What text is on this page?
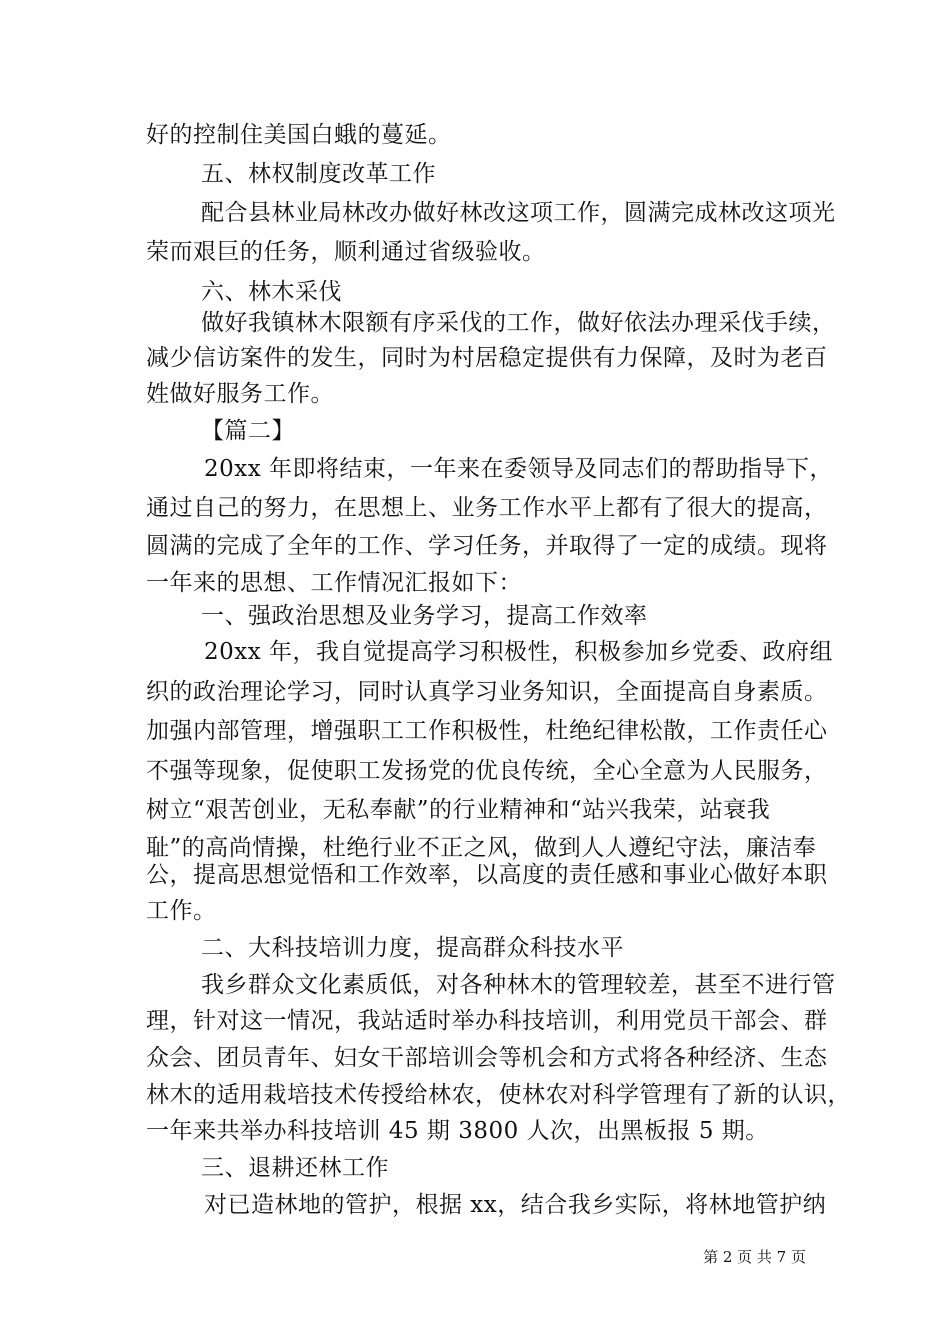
好的控制住美国白蛾的蔓延。
五、林权制度改革工作
配合县林业局林改办做好林改这项工作，圆满完成林改这项光
荣而艰巨的任务，顺利通过省级验收。
六、林木采伐
做好我镇林木限额有序采伐的工作，做好依法办理采伐手续，
减少信访案件的发生，同时为村居稳定提供有力保障，及时为老百
姓做好服务工作。
【篇二】
20xx 年即将结束，一年来在委领导及同志们的帮助指导下，
通过自己的努力，在思想上、业务工作水平上都有了很大的提高，
圆满的完成了全年的工作、学习任务，并取得了一定的成绩。现将
一年来的思想、工作情况汇报如下：
一、强政治思想及业务学习，提高工作效率
20xx 年，我自觉提高学习积极性，积极参加乡党委、政府组
织的政治理论学习，同时认真学习业务知识，全面提高自身素质。
加强内部管理，增强职工工作积极性，杜绝纪律松散，工作责任心
不强等现象，促使职工发扬党的优良传统，全心全意为人民服务，
树立“艰苦创业，无私奉献”的行业精神和“站兴我荣，站衰我
耻”的高尚情操，杜绝行业不正之风，做到人人遵纪守法，廉洁奉
公，提高思想觉悟和工作效率，以高度的责任感和事业心做好本职
工作。
二、大科技培训力度，提高群众科技水平
我乡群众文化素质低，对各种林木的管理较差，甚至不进行管
理，针对这一情况，我站适时举办科技培训，利用党员干部会、群
众会、团员青年、妇女干部培训会等机会和方式将各种经济、生态
林木的适用栽培技术传授给林农，使林农对科学管理有了新的认识，
一年来共举办科技培训 45 期 3800 人次，出黑板报 5 期。
三、退耕还林工作
对已造林地的管护，根据 xx，结合我乡实际，将林地管护纳
第 2 页 共 7 页
